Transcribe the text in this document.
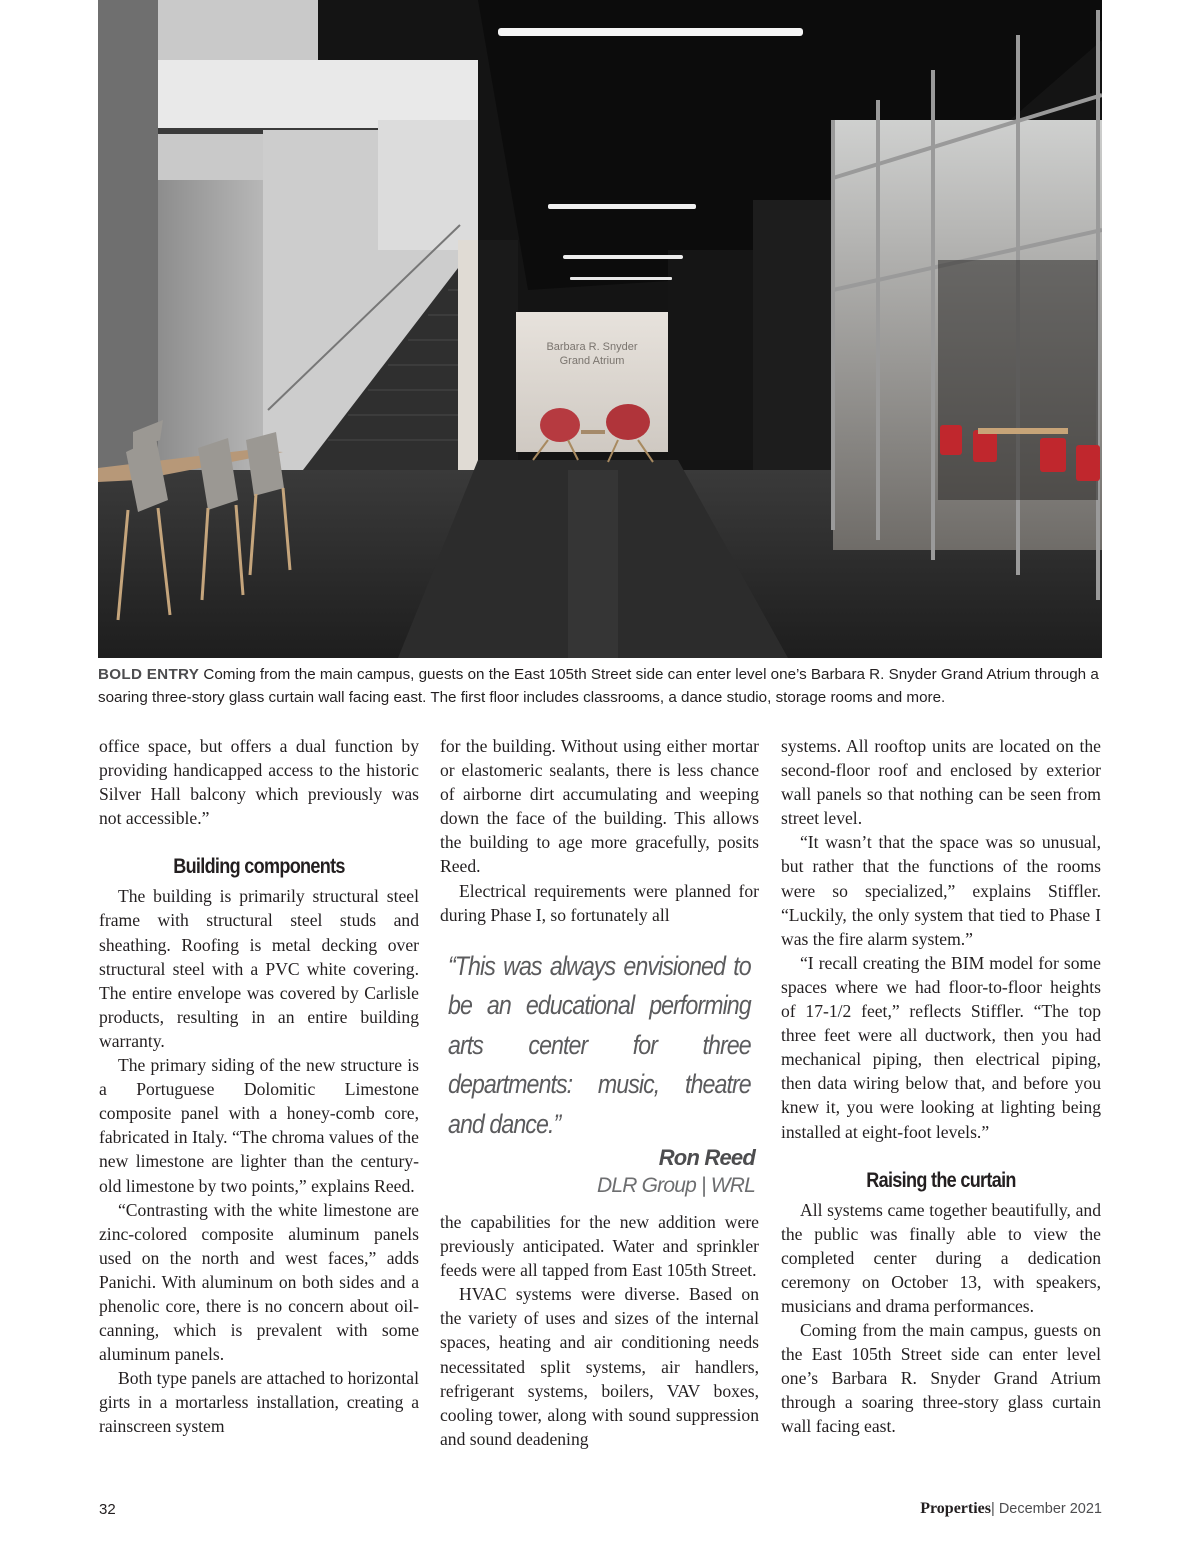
Barbara R. Snyder
Grand Atrium

BOLD ENTRY Coming from the main campus, guests on the East 105th Street side can enter level one’s Barbara R. Snyder Grand Atrium through a soaring three-story glass curtain wall facing east. The first floor includes classrooms, a dance studio, storage rooms and more.

office space, but offers a dual function by providing handicapped access to the historic Silver Hall balcony which previously was not accessible.”

Building components

The building is primarily structural steel frame with structural steel studs and sheathing. Roofing is metal decking over structural steel with a PVC white covering. The entire envelope was covered by Carlisle products, resulting in an entire building warranty.

The primary siding of the new structure is a Portuguese Dolomitic Limestone composite panel with a honey-comb core, fabricated in Italy. “The chroma values of the new limestone are lighter than the century-old limestone by two points,” explains Reed.

“Contrasting with the white limestone are zinc-colored composite aluminum panels used on the north and west faces,” adds Panichi. With aluminum on both sides and a phenolic core, there is no concern about oil-canning, which is prevalent with some aluminum panels.

Both type panels are attached to horizontal girts in a mortarless installation, creating a rainscreen system

for the building. Without using either mortar or elastomeric sealants, there is less chance of airborne dirt accumulating and weeping down the face of the building. This allows the building to age more gracefully, posits Reed.

Electrical requirements were planned for during Phase I, so fortunately all

“This was always envisioned to be an educational performing arts center for three departments: music, theatre and dance.”
Ron Reed
DLR Group | WRL

the capabilities for the new addition were previously anticipated. Water and sprinkler feeds were all tapped from East 105th Street.

HVAC systems were diverse. Based on the variety of uses and sizes of the internal spaces, heating and air conditioning needs necessitated split systems, air handlers, refrigerant systems, boilers, VAV boxes, cooling tower, along with sound suppression and sound deadening

systems. All rooftop units are located on the second-floor roof and enclosed by exterior wall panels so that nothing can be seen from street level.

“It wasn’t that the space was so unusual, but rather that the functions of the rooms were so specialized,” explains Stiffler. “Luckily, the only system that tied to Phase I was the fire alarm system.”

“I recall creating the BIM model for some spaces where we had floor-to-floor heights of 17-1/2 feet,” reflects Stiffler. “The top three feet were all ductwork, then you had mechanical piping, then electrical piping, then data wiring below that, and before you knew it, you were looking at lighting being installed at eight-foot levels.”

Raising the curtain

All systems came together beautifully, and the public was finally able to view the completed center during a dedication ceremony on October 13, with speakers, musicians and drama performances.

Coming from the main campus, guests on the East 105th Street side can enter level one’s Barbara R. Snyder Grand Atrium through a soaring three-story glass curtain wall facing east.

32	Properties| December 2021
